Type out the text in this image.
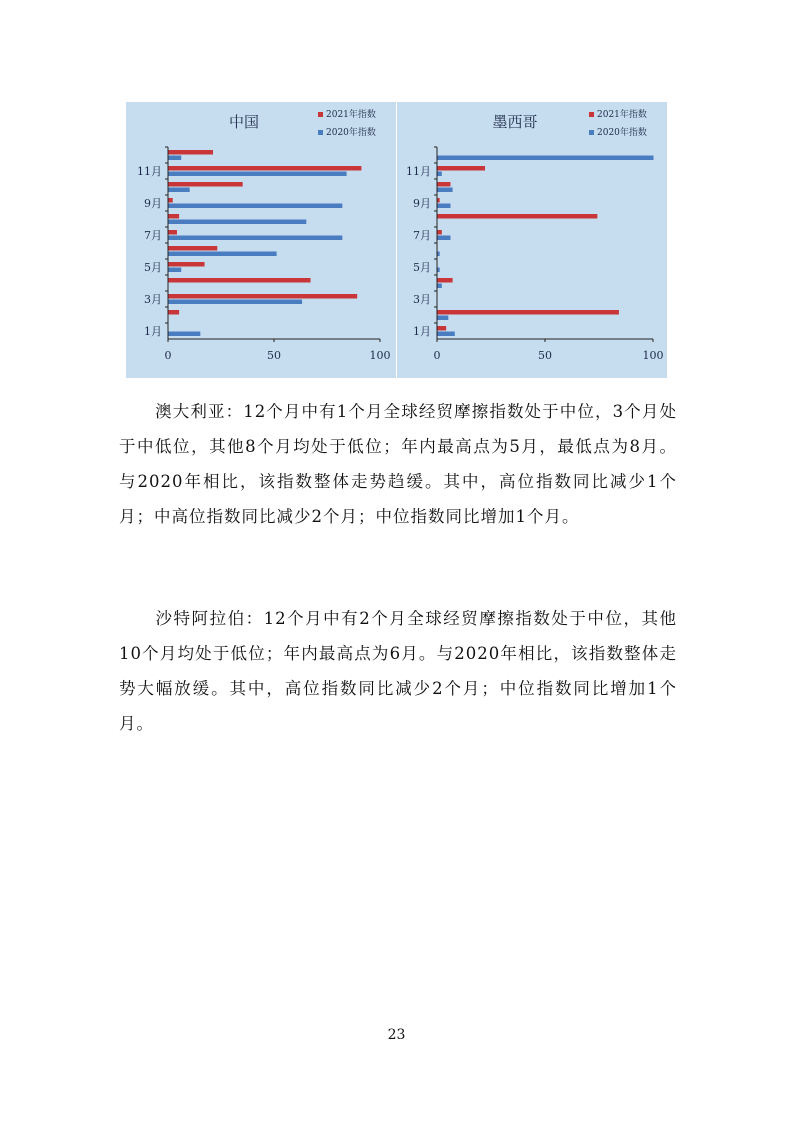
中国	2021年指数
2020年指数
1月
3月
5月
7月
9月
11月
0	50	100
墨西哥	2021年指数
2020年指数
1月
3月
5月
7月
9月
11月
0	50	100

澳大利亚：12个月中有1个月全球经贸摩擦指数处于中位，3个月处于中低位，其他8个月均处于低位；年内最高点为5月，最低点为8月。与2020年相比，该指数整体走势趋缓。其中，高位指数同比减少1个月；中高位指数同比减少2个月；中位指数同比增加1个月。

沙特阿拉伯：12个月中有2个月全球经贸摩擦指数处于中位，其他10个月均处于低位；年内最高点为6月。与2020年相比，该指数整体走势大幅放缓。其中，高位指数同比减少2个月；中位指数同比增加1个月。

23
